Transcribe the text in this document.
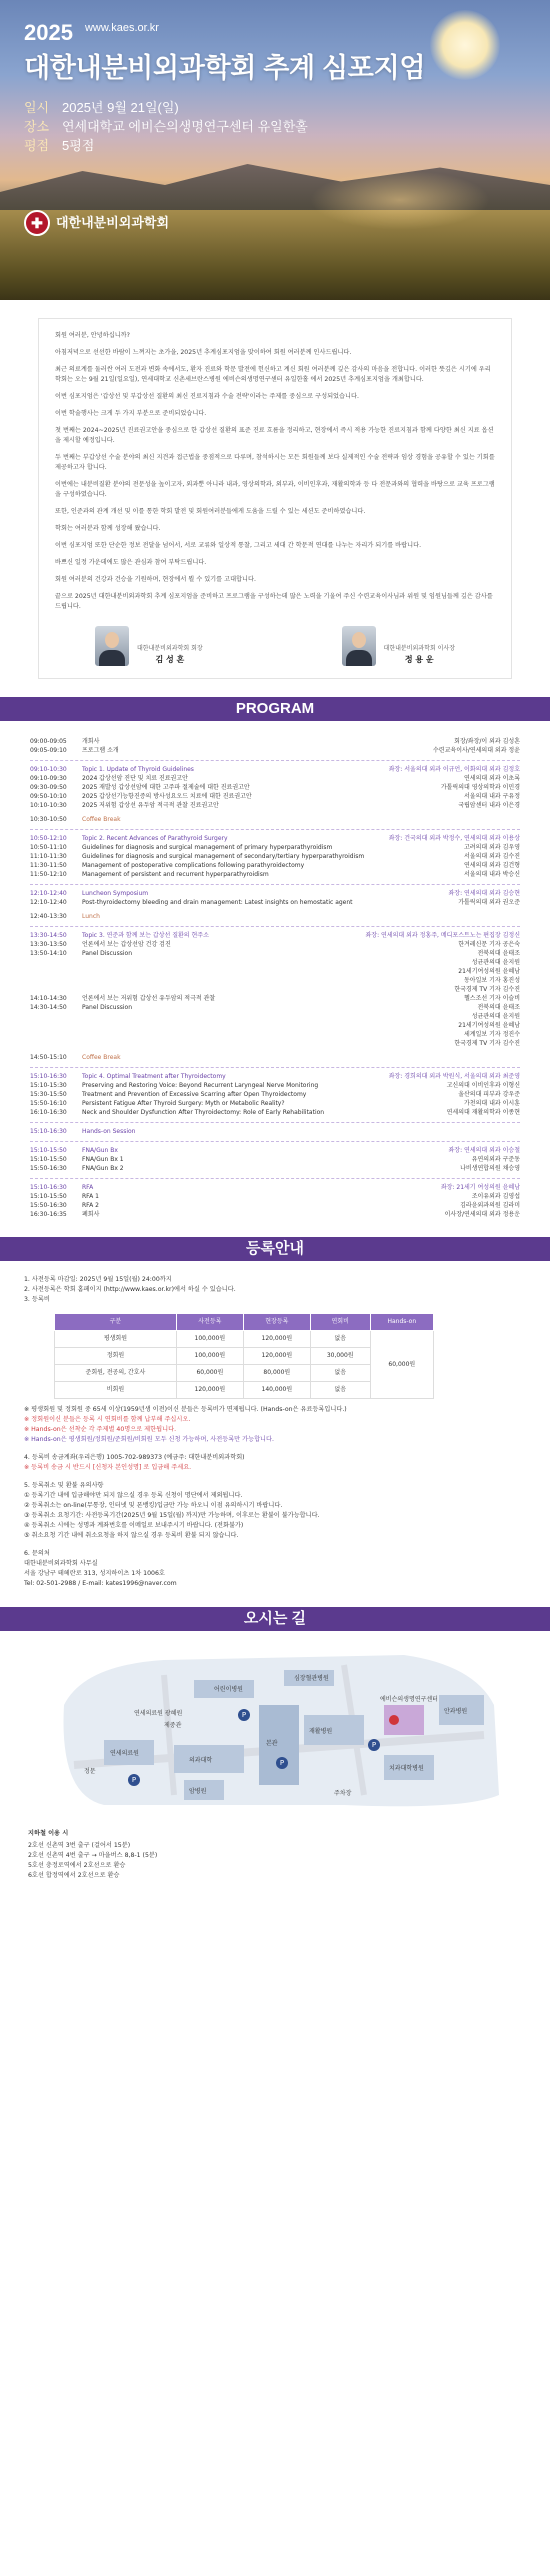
2025 www.kaes.or.kr
대한내분비외과학회 추계 심포지엄
일시 2025년 9월 21일(일)
장소 연세대학교 에비슨의생명연구센터 유일한홀
평점 5평점
✚	대한내분비외과학회

회원 여러분, 안녕하십니까?

아침저녁으로 선선한 바람이 느껴지는 초가을, 2025년 추계심포지엄을 맞이하여 회원 여러분께 인사드립니다.

최근 의료계를 둘러싼 여러 도전과 변화 속에서도, 환자 진료와 학문 발전에 헌신하고 계신 회원 여러분께 깊은 감사의 마음을 전합니다. 이러한 뜻깊은 시기에 우리 학회는 오는 9월 21일(일요일), 연세대학교 신촌세브란스병원 에비슨의생명연구센터 유일한홀 에서 2025년 추계심포지엄을 개최합니다.

이번 심포지엄은 '갑상선 및 부갑상선 질환의 최신 진료지침과 수술 전략'이라는 주제를 중심으로 구성되었습니다.

이번 학술행사는 크게 두 가지 부분으로 준비되었습니다.

첫 번째는 2024~2025년 진료권고안을 중심으로 한 갑상선 질환의 표준 진료 흐름을 정리하고, 현장에서 즉시 적용 가능한 진료지침과 함께 다양한 최신 지료 옵션을 제시할 예정입니다.

두 번째는 부갑상선 수술 분야의 최신 지견과 접근법을 중점적으로 다루며, 참석하시는 모든 회원들께 보다 실제적인 수술 전략과 임상 경험을 공유할 수 있는 기회를 제공하고자 합니다.

이번에는 내분비질환 분야의 전문성을 높이고자, 외과뿐 아니라 내과, 영상의학과, 외부과, 이비인후과, 재활의학과 등 다 전문과와의 협력을 바탕으로 교육 프로그램을 구성하였습니다.

또한, 인준과의 관계 개선 및 이를 통한 학회 발전 및 회원여러분들에게 도움을 드릴 수 있는 세션도 준비하였습니다.

학회는 여러분과 함께 성장해 왔습니다.

이번 심포지엄 또한 단순한 정보 전달을 넘어서, 서로 교류와 일상적 통찰, 그리고 세대 간 학문적 연대를 나누는 자리가 되기를 바랍니다.

바쁘신 일정 가운데에도 많은 관심과 참여 부탁드립니다.

회원 여러분의 건강과 건승을 기원하며, 현장에서 뵐 수 있기를 고대합니다.

끝으로 2025년 대한내분비외과학회 추계 심포지엄을 준비하고 프로그램을 구성하는데 많은 노력을 기울여 주신 수련교육이사님과 위원 및 임원님들께 깊은 감사를 드립니다.

대한내분비외과학회 회장
김 성 혼
대한내분비외과학회 이사장
정 용 운
PROGRAM
09:00-09:05	개회사	회장/좌장/이 외과 김성혼
09:05-09:10	프로그램 소개	수련교육이사/연세의대 외과 정윤
09:10-10:30	Topic 1. Update of Thyroid Guidelines	좌장: 서울의대 외과 이규언, 이화의대 외과 김정호
09:10-09:30	2024 갑상선암 진단 및 치료 진료권고안	연세의대 외과 이초록
09:30-09:50	2025 재발성 갑상선암에 대한 고주파 절제술에 대한 진료권고안	가톨릭의대 영상의학과 이민경
09:50-10:10	2025 갑상선기능항진증의 방사성요오드 치료에 대한 진료권고안	서울의대 내과 구유정
10:10-10:30	2025 저위험 갑상선 유두암 적극적 관찰 진료권고안	국립암센터 내과 이은경
10:30-10:50	Coffee Break
10:50-12:10	Topic 2. Recent Advances of Parathyroid Surgery	좌장: 건국의대 외과 박정수, 연세의대 외과 이용상
10:50-11:10	Guidelines for diagnosis and surgical management of primary hyperparathyroidism	고려의대 외과 김우영
11:10-11:30	Guidelines for diagnosis and surgical management of secondary/tertiary hyperparathyroidism	서울의대 외과 김수진
11:30-11:50	Management of postoperative complications following parathyroidectomy	연세의대 외과 김건형
11:50-12:10	Management of persistent and recurrent hyperparathyroidism	서울의대 내과 박승신
12:10-12:40	Luncheon Symposium	좌장: 연세의대 외과 김승현
12:10-12:40	Post-thyroidectomy bleeding and drain management: Latest insights on hemostatic agent	가톨릭의대 외과 권오준
12:40-13:30	Lunch
13:30-14:50	Topic 3. 연준과 함께 보는 갑상선 질환의 현주소	좌장: 연세의대 외과 정홍주, 메디포스트노는 편집장 김정신
13:30-13:50	언론에서 보는 갑상선암 건강 검진	한겨레신문 기자 공은숙
13:50-14:10	Panel Discussion	전북의대 윤태조
성균관의대 윤지원
21세기여성의원 윤혜남
동아일보 기자 홍진성
한국경제 TV 기자 김수진
14:10-14:30	언론에서 보는 저위험 갑상선 유두암의 적극적 관찰	헬스조선 기자 이슬비
14:30-14:50	Panel Discussion	전북의대 윤태조
성균관의대 윤지원
21세기여성의원 윤혜남
세계일보 기자 정진수
한국경제 TV 기자 김수진
14:50-15:10	Coffee Break
15:10-16:30	Topic 4. Optimal Treatment after Thyroidectomy	좌장: 경희의대 외과 박원식, 서울의대 외과 최준영
15:10-15:30	Preserving and Restoring Voice: Beyond Recurrent Laryngeal Nerve Monitoring	고신의대 이비인후과 이형신
15:30-15:50	Treatment and Prevention of Excessive Scarring after Open Thyroidectomy	울산의대 피부과 강우준
15:50-16:10	Persistent Fatigue After Thyroid Surgery: Myth or Metabolic Reality?	가천의대 내과 이시훈
16:10-16:30	Neck and Shoulder Dysfunction After Thyroidectomy: Role of Early Rehabilitation	연세의대 재활의학과 이종현
15:10-16:30	Hands-on Session
15:10-15:50	FNA/Gun Bx	좌장: 연세의대 외과 이승철
15:10-15:50	FNA/Gun Bx 1	유연의외과 구준동
15:50-16:30	FNA/Gun Bx 2	나비생연합의원 채승영
15:10-16:30	RFA	좌장: 21세기 여성의원 윤혜남
15:10-15:50	RFA 1	조이유외과 김영섭
15:50-16:30	RFA 2	김라윤외과의원 김라미
16:30-16:35	폐회사	이사장/연세의대 외과 정용운
등록안내
1. 사전등록 마감일: 2025년 9월 15일(월) 24:00까지
2. 사전등록은 학회 홈페이지 (http://www.kaes.or.kr)에서 하실 수 있습니다.
3. 등록비
구분	사전등록	현장등록	연회비	Hands-on
평생회원	100,000원	120,000원	없음	60,000원
정회원	100,000원	120,000원	30,000원	
준회원, 전공의, 간호사	60,000원	80,000원	없음	
비회원	120,000원	140,000원	없음	
※ 평생회원 및 정회원 중 65세 이상(1959년생 이전)이신 분들은 등록비가 면제됩니다. (Hands-on은 유료등록입니다.)
※ 정회원이신 분들은 등록 시 연회비를 함께 납부해 주십시오.
※ Hands-on은 선착순 각 주제별 40명으로 제한됩니다.
※ Hands-on은 평생회원/정회원/준회원/비회원 모두 신청 가능하며, 사전등록만 가능합니다.
4. 등록비 송금계좌(우리은행) 1005-702-989373 (예금주: 대한내분비외과학회)
※ 등록비 송금 시 반드시 [신청자 본인성명] 로 입금해 주세요.
5. 등록취소 및 환불 유의사항
① 등록기간 내에 입금해야만 되지 않으실 경우 등록 신청이 명단에서 제외됩니다.
② 등록취소는 on-line(무통장, 인터넷 및 폰뱅킹)입금만 가능 하오니 이점 유의하시기 바랍니다.
③ 등록취소 요청기간: 사전등록기간(2025년 9월 15일(월) 까지)만 가능하며, 이후로는 환불이 불가능합니다.
④ 등록취소 시에는 성명과 계좌번호를 이메일로 보내주시기 바랍니다. (전화불가)
⑤ 취소요청 기간 내에 취소요청을 하지 않으실 경우 등록비 환불 되지 않습니다.
6. 문의처
대한내분비외과학회 사무실
서울 강남구 테헤란로 313, 성지하이츠 1차 1006호
Tel: 02-501-2988 / E-mail: kates1996@naver.com
오시는 길
P
P
P
P
어린이병원
심장혈관병원
정문
연세의료원
의과대학
재활병원
에비슨의생명연구센터
본관
치과대학병원
안과병원
암병원	주차장
제중관
연세의료원 광혜원
지하철 이용 시
2호선 신촌역 3번 출구 (걸어서 15분)
2호선 신촌역 4번 출구 → 마을버스 8,8-1 (5분)
5호선 충정로역에서 2호선으로 환승
6호선 합정역에서 2호선으로 환승
